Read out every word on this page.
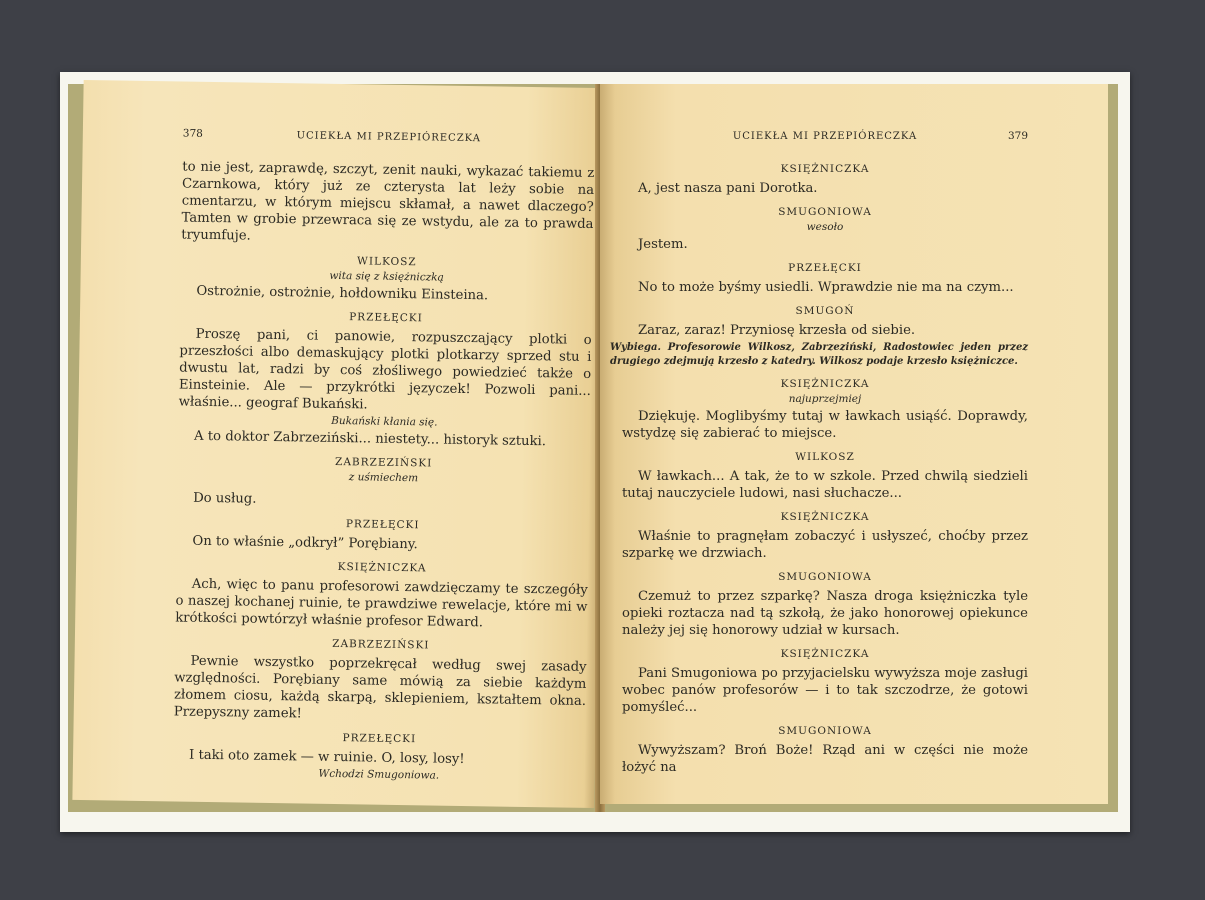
378	UCIEKŁA MI PRZEPIÓRECZKA
to nie jest, zaprawdę, szczyt, zenit nauki, wykazać takiemu z Czarnkowa, który już ze czterysta lat leży sobie na cmentarzu, w którym miejscu skłamał, a nawet dlaczego? Tamten w grobie przewraca się ze wstydu, ale za to prawda tryumfuje.
WILKOSZ
wita się z księżniczką
Ostrożnie, ostrożnie, hołdowniku Einsteina.
PRZEŁĘCKI
Proszę pani, ci panowie, rozpuszczający plotki o przeszłości albo demaskujący plotki plotkarzy sprzed stu i dwustu lat, radzi by coś złośliwego powiedzieć także o Einsteinie. Ale — przykrótki języczek! Pozwoli pani... właśnie... geograf Bukański.
Bukański kłania się.
A to doktor Zabrzeziński... niestety... historyk sztuki.
ZABRZEZIŃSKI
z uśmiechem
Do usług.
PRZEŁĘCKI
On to właśnie „odkrył” Porębiany.
KSIĘŻNICZKA
Ach, więc to panu profesorowi zawdzięczamy te szczegóły o naszej kochanej ruinie, te prawdziwe rewelacje, które mi w krótkości powtórzył właśnie profesor Edward.
ZABRZEZIŃSKI
Pewnie wszystko poprzekręcał według swej zasady względności. Porębiany same mówią za siebie każdym złomem ciosu, każdą skarpą, sklepieniem, kształtem okna. Przepyszny zamek!
PRZEŁĘCKI
I taki oto zamek — w ruinie. O, losy, losy!
Wchodzi Smugoniowa.
UCIEKŁA MI PRZEPIÓRECZKA	379
KSIĘŻNICZKA
A, jest nasza pani Dorotka.
SMUGONIOWA
wesoło
Jestem.
PRZEŁĘCKI
No to może byśmy usiedli. Wprawdzie nie ma na czym...
SMUGOŃ
Zaraz, zaraz! Przyniosę krzesła od siebie.
Wybiega. Profesorowie Wilkosz, Zabrzeziński, Radostowiec jeden przez drugiego zdejmują krzesło z katedry. Wilkosz podaje krzesło księżniczce.
KSIĘŻNICZKA
najuprzejmiej
Dziękuję. Moglibyśmy tutaj w ławkach usiąść. Doprawdy, wstydzę się zabierać to miejsce.
WILKOSZ
W ławkach... A tak, że to w szkole. Przed chwilą siedzieli tutaj nauczyciele ludowi, nasi słuchacze...
KSIĘŻNICZKA
Właśnie to pragnęłam zobaczyć i usłyszeć, choćby przez szparkę we drzwiach.
SMUGONIOWA
Czemuż to przez szparkę? Nasza droga księżniczka tyle opieki roztacza nad tą szkołą, że jako honorowej opiekunce należy jej się honorowy udział w kursach.
KSIĘŻNICZKA
Pani Smugoniowa po przyjacielsku wywyższa moje zasługi wobec panów profesorów — i to tak szczodrze, że gotowi pomyśleć...
SMUGONIOWA
Wywyższam? Broń Boże! Rząd ani w części nie może łożyć na
